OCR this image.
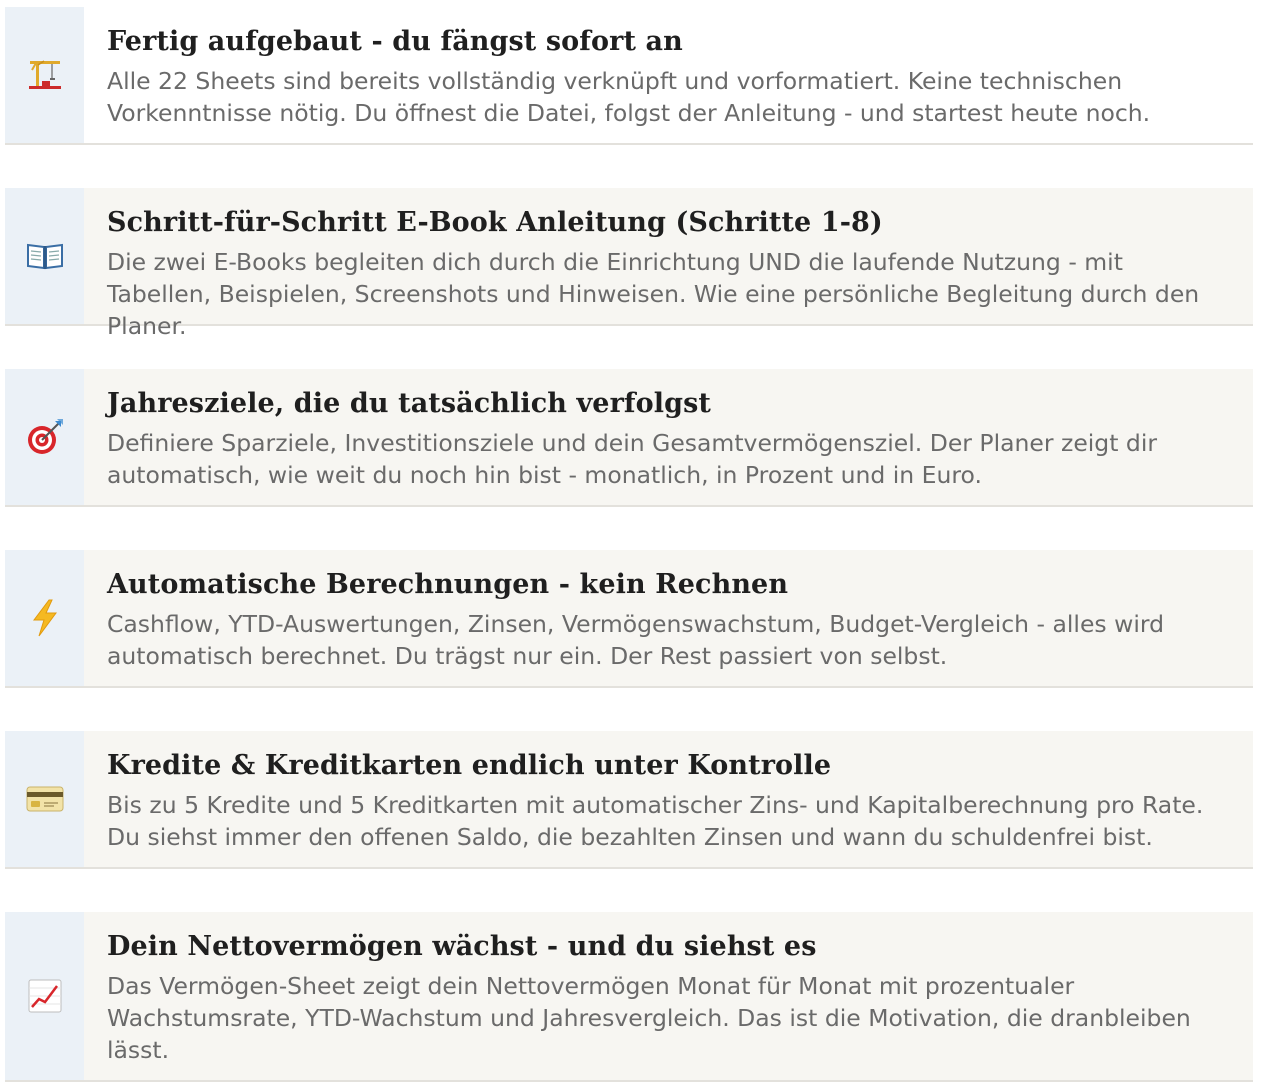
Fertig aufgebaut - du fängst sofort an

Alle 22 Sheets sind bereits vollständig verknüpft und vorformatiert. Keine technischen Vorkenntnisse nötig. Du öffnest die Datei, folgst der Anleitung - und startest heute noch.

Schritt-für-Schritt E-Book Anleitung (Schritte 1-8)

Die zwei E-Books begleiten dich durch die Einrichtung UND die laufende Nutzung - mit Tabellen, Beispielen, Screenshots und Hinweisen. Wie eine persönliche Begleitung durch den Planer.

Jahresziele, die du tatsächlich verfolgst

Definiere Sparziele, Investitionsziele und dein Gesamtvermögensziel. Der Planer zeigt dir automatisch, wie weit du noch hin bist - monatlich, in Prozent und in Euro.

Automatische Berechnungen - kein Rechnen

Cashflow, YTD-Auswertungen, Zinsen, Vermögenswachstum, Budget-Vergleich - alles wird automatisch berechnet. Du trägst nur ein. Der Rest passiert von selbst.

Kredite & Kreditkarten endlich unter Kontrolle

Bis zu 5 Kredite und 5 Kreditkarten mit automatischer Zins- und Kapitalberechnung pro Rate. Du siehst immer den offenen Saldo, die bezahlten Zinsen und wann du schuldenfrei bist.

Dein Nettovermögen wächst - und du siehst es

Das Vermögen-Sheet zeigt dein Nettovermögen Monat für Monat mit prozentualer Wachstumsrate, YTD-Wachstum und Jahresvergleich. Das ist die Motivation, die dranbleiben lässt.
